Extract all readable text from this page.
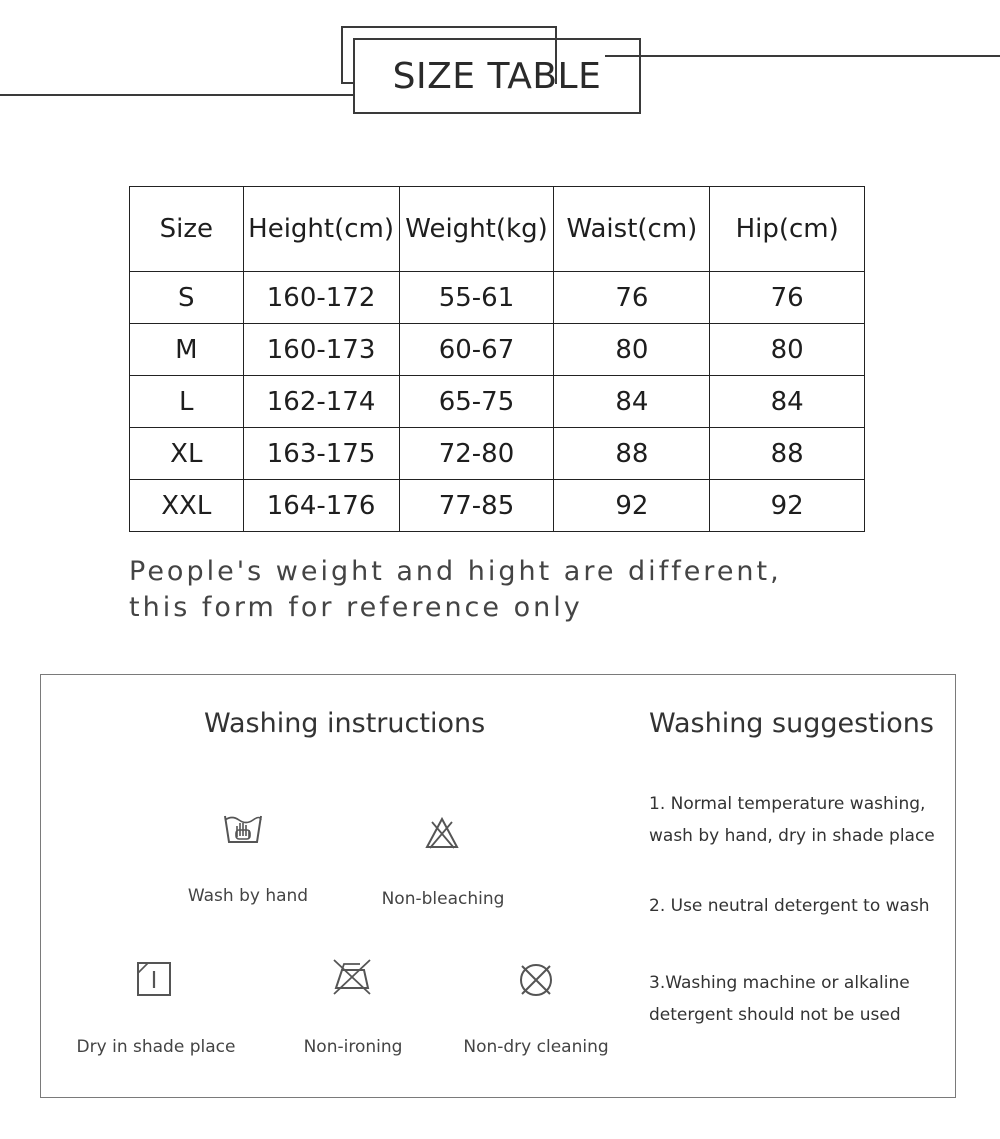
SIZE TABLE
Size	Height(cm)	Weight(kg)	Waist(cm)	Hip(cm)
S	160-172	55-61	76	76
M	160-173	60-67	80	80
L	162-174	65-75	84	84
XL	163-175	72-80	88	88
XXL	164-176	77-85	92	92
People's weight and hight are different,
this form for reference only
Washing instructions	Washing suggestions
Wash by hand	Non-bleaching
Dry in shade place	Non-ironing	Non-dry cleaning
1. Normal temperature washing,
wash by hand, dry in shade place
2. Use neutral detergent to wash
3.Washing machine or alkaline
detergent should not be used
